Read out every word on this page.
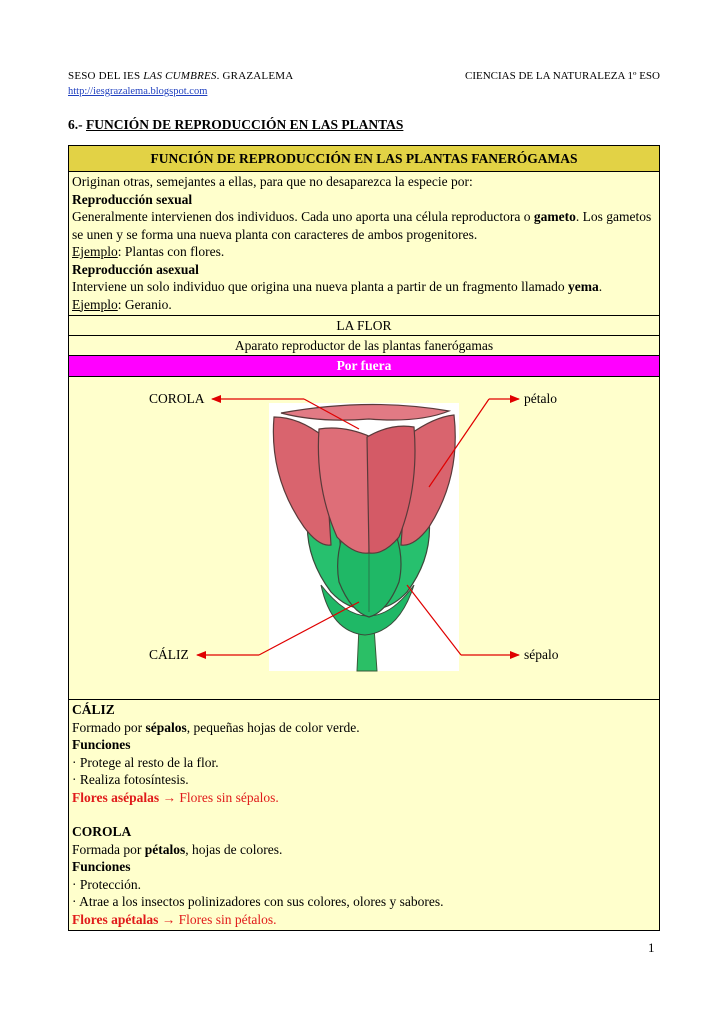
SESO DEL IES LAS CUMBRES. GRAZALEMA	CIENCIAS DE LA NATURALEZA 1º ESO
http://iesgrazalema.blogspot.com
6.- FUNCIÓN DE REPRODUCCIÓN EN LAS PLANTAS
FUNCIÓN DE REPRODUCCIÓN EN LAS PLANTAS FANERÓGAMAS

Originan otras, semejantes a ellas, para que no desaparezca la especie por:
Reproducción sexual
Generalmente intervienen dos individuos. Cada uno aporta una célula reproductora o gameto. Los gametos se unen y se forma una nueva planta con caracteres de ambos progenitores.
Ejemplo: Plantas con flores.
Reproducción asexual
Interviene un solo individuo que origina una nueva planta a partir de un fragmento llamado yema.
Ejemplo: Geranio.

LA FLOR
Aparato reproductor de las plantas fanerógamas
Por fuera

COROLA	pétalo
CÁLIZ	sépalo

CÁLIZ
Formado por sépalos, pequeñas hojas de color verde.
Funciones
· Protege al resto de la flor.
· Realiza fotosíntesis.
Flores asépalas → Flores sin sépalos.
COROLA
Formada por pétalos, hojas de colores.
Funciones
· Protección.
· Atrae a los insectos polinizadores con sus colores, olores y sabores.
Flores apétalas → Flores sin pétalos.
1
